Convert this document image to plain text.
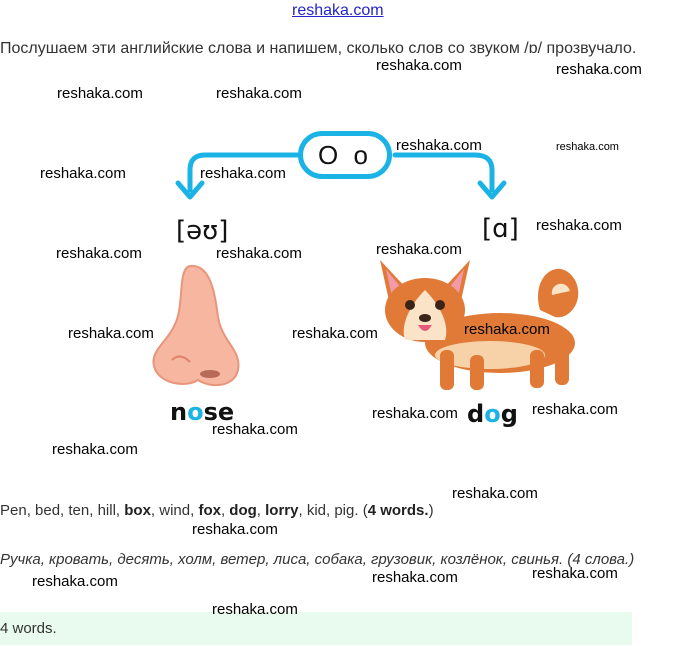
reshaka.com
Послушаем эти английские слова и напишем, сколько слов со звуком /ɒ/ прозвучало.
O o
[əʊ]	[ɑ]
nose	dog
Pen, bed, ten, hill, box, wind, fox, dog, lorry, kid, pig. (4 words.)
Ручка, кровать, десять, холм, ветер, лиса, собака, грузовик, козлёнок, свинья. (4 слова.)
4 words.
reshaka.com	reshaka.com
reshaka.com	reshaka.com
reshaka.com	reshaka.com
reshaka.com	reshaka.com
reshaka.com
reshaka.com
reshaka.com	reshaka.com
reshaka.com
reshaka.com	reshaka.com
reshaka.com
reshaka.com
reshaka.com
reshaka.com
reshaka.com
reshaka.com
reshaka.com
reshaka.com
reshaka.com
reshaka.com
